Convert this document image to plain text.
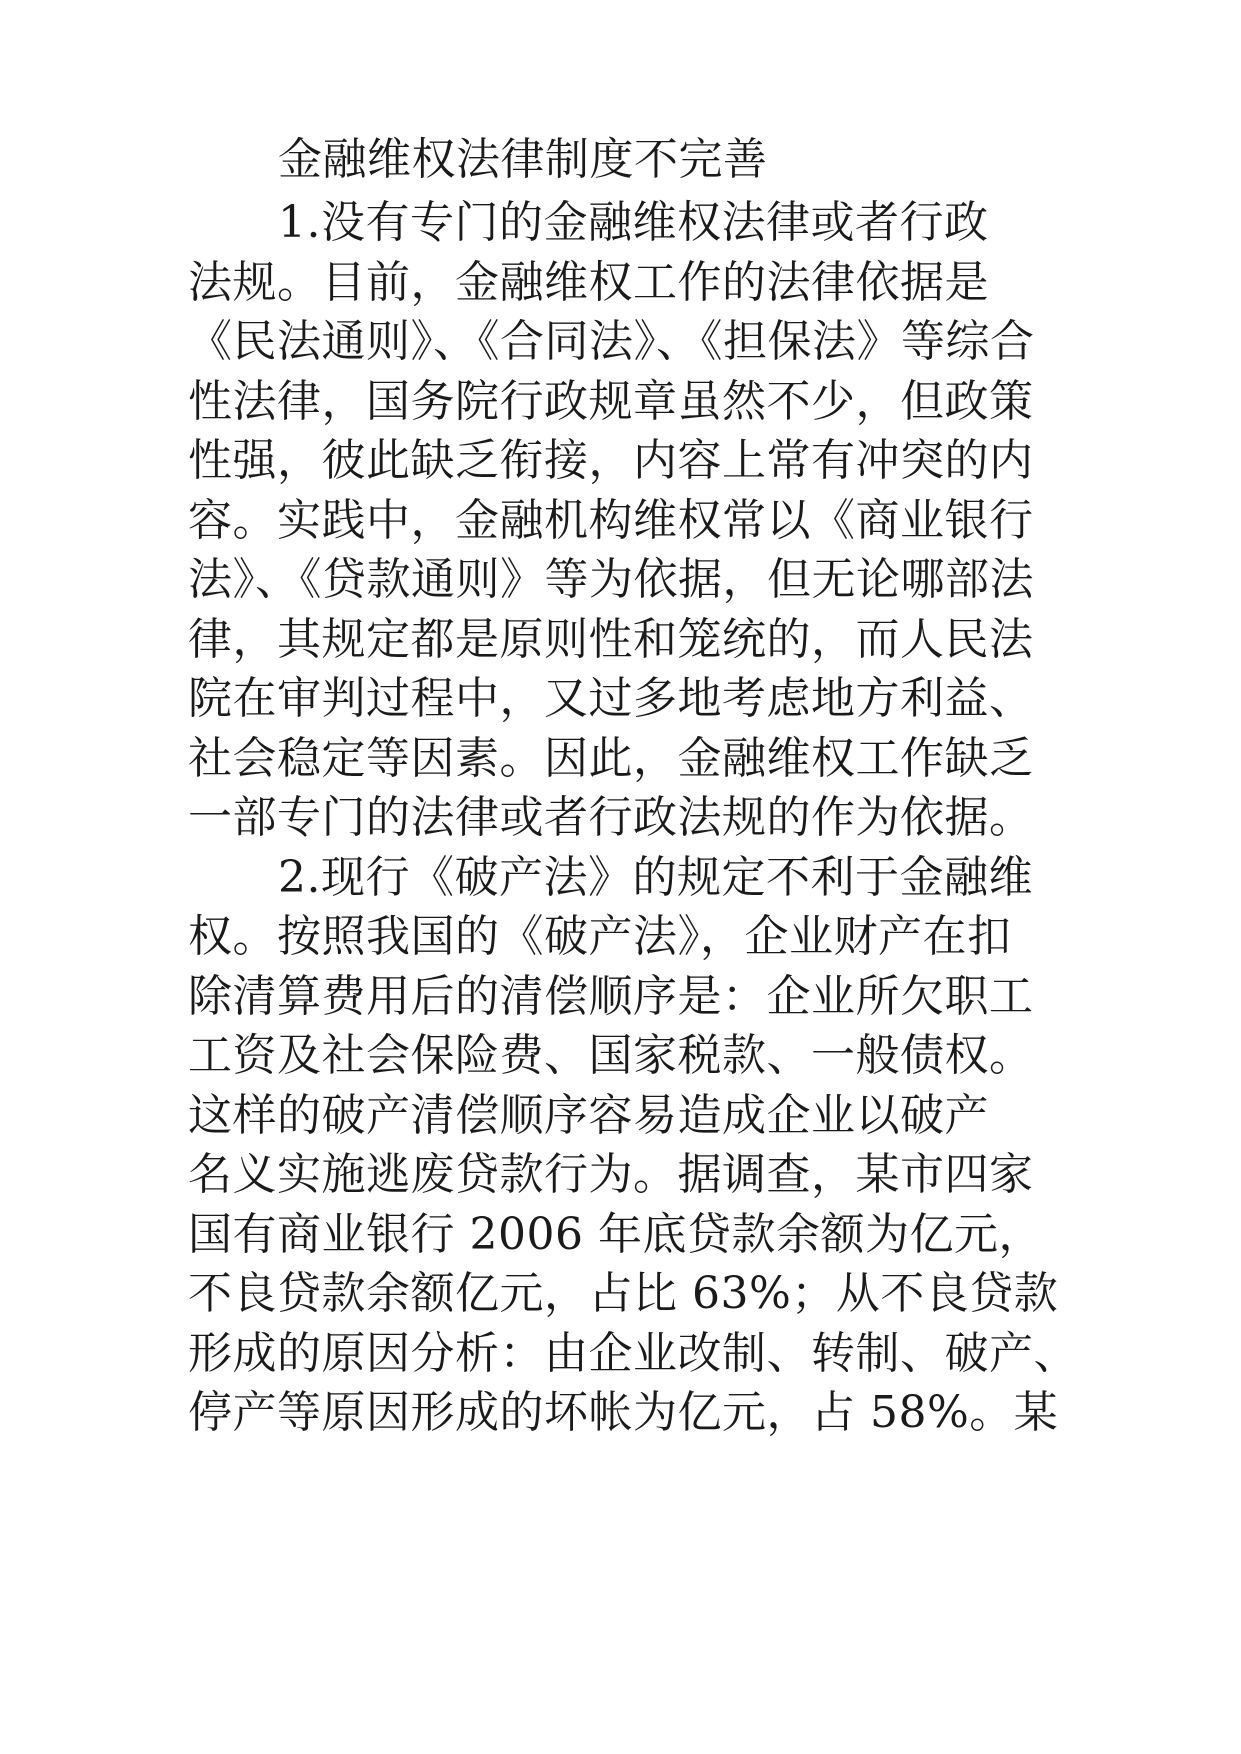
金融维权法律制度不完善
1.没有专门的金融维权法律或者行政
法规。目前，金融维权工作的法律依据是
《民法通则》、《合同法》、《担保法》等综合
性法律，国务院行政规章虽然不少，但政策
性强，彼此缺乏衔接，内容上常有冲突的内
容。实践中，金融机构维权常以《商业银行
法》、《贷款通则》等为依据，但无论哪部法
律，其规定都是原则性和笼统的，而人民法
院在审判过程中，又过多地考虑地方利益、
社会稳定等因素。因此，金融维权工作缺乏
一部专门的法律或者行政法规的作为依据。
2.现行《破产法》的规定不利于金融维
权。按照我国的《破产法》，企业财产在扣
除清算费用后的清偿顺序是：企业所欠职工
工资及社会保险费、国家税款、一般债权。
这样的破产清偿顺序容易造成企业以破产
名义实施逃废贷款行为。据调查，某市四家
国有商业银行 2006 年底贷款余额为亿元，
不良贷款余额亿元，占比 63%；从不良贷款
形成的原因分析：由企业改制、转制、破产、
停产等原因形成的坏帐为亿元，占 58%。某
